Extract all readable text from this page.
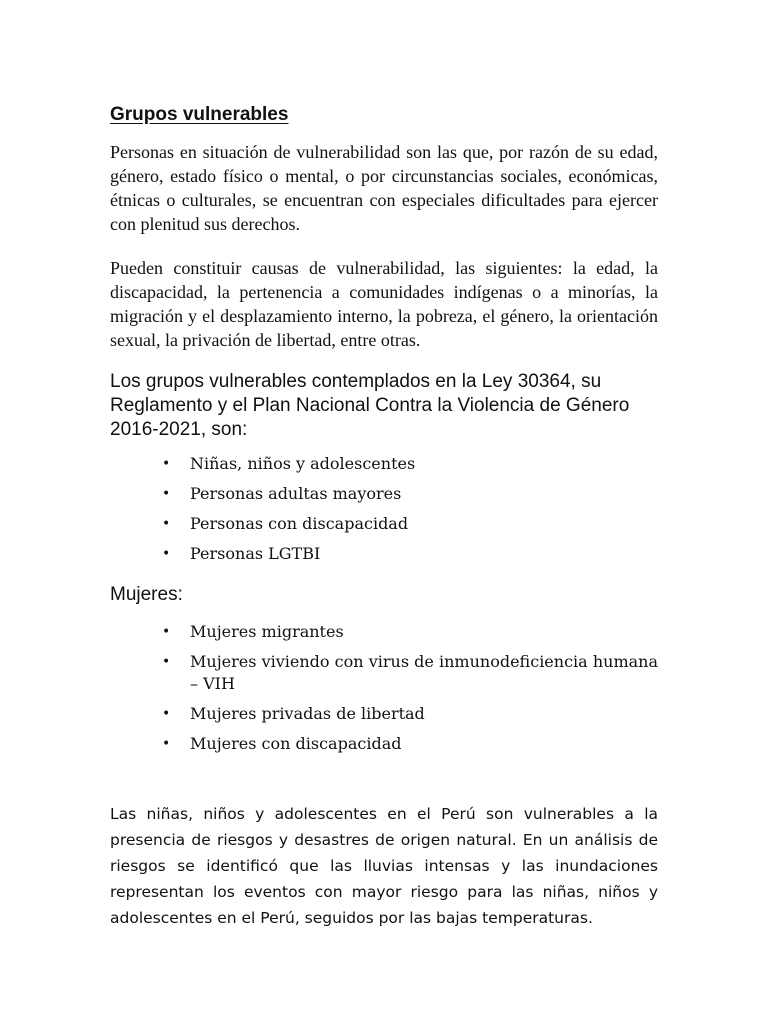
Grupos vulnerables

Personas en situación de vulnerabilidad son las que, por razón de su edad, género, estado físico o mental, o por circunstancias sociales, económicas, étnicas o culturales, se encuentran con especiales dificultades para ejercer con plenitud sus derechos.

Pueden constituir causas de vulnerabilidad, las siguientes: la edad, la discapacidad, la pertenencia a comunidades indígenas o a minorías, la migración y el desplazamiento interno, la pobreza, el género, la orientación sexual, la privación de libertad, entre otras.

Los grupos vulnerables contemplados en la Ley 30364, su Reglamento y el Plan Nacional Contra la Violencia de Género 2016-2021, son:

• Niñas, niños y adolescentes
• Personas adultas mayores
• Personas con discapacidad
• Personas LGTBI

Mujeres:

• Mujeres migrantes
• Mujeres viviendo con virus de inmunodeficiencia humana – VIH
• Mujeres privadas de libertad
• Mujeres con discapacidad

Las niñas, niños y adolescentes en el Perú son vulnerables a la presencia de riesgos y desastres de origen natural. En un análisis de riesgos se identificó que las lluvias intensas y las inundaciones representan los eventos con mayor riesgo para las niñas, niños y adolescentes en el Perú, seguidos por las bajas temperaturas.
